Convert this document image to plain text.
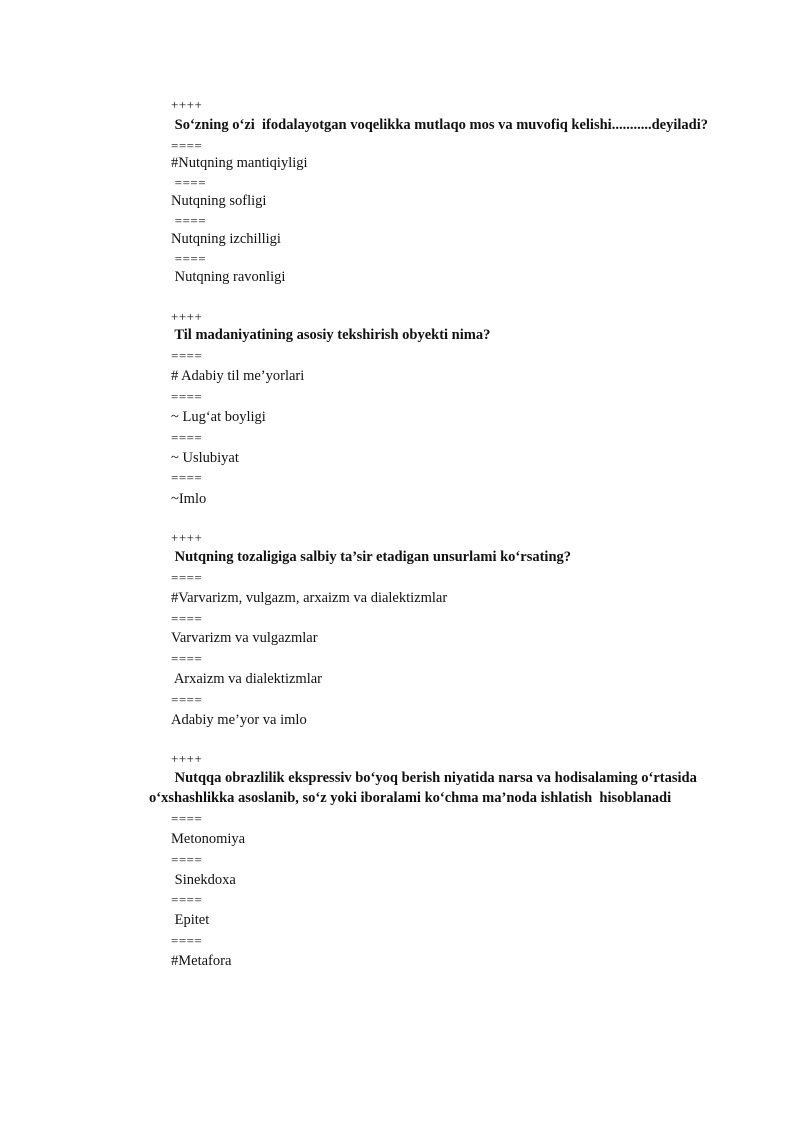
++++
So‘zning o‘zi  ifodalayotgan voqelikka mutlaqo mos va muvofiq kelishi...........deyiladi?
====
#Nutqning mantiqiyligi
====
Nutqning sofligi
====
Nutqning izchilligi
====
Nutqning ravonligi
++++
Til madaniyatining asosiy tekshirish obyekti nima?
====
# Adabiy til me’yorlari
====
~ Lug‘at boyligi
====
~ Uslubiyat
====
~Imlo
++++
Nutqning tozaligiga salbiy ta’sir etadigan unsurlami ko‘rsating?
====
#Varvarizm, vulgazm, arxaizm va dialektizmlar
====
Varvarizm va vulgazmlar
====
Arxaizm va dialektizmlar
====
Adabiy me’yor va imlo
++++
Nutqqa obrazlilik ekspressiv bo‘yoq berish niyatida narsa va hodisalaming o‘rtasida
o‘xshashlikka asoslanib, so‘z yoki iboralami ko‘chma ma’noda ishlatish  hisoblanadi
====
Metonomiya
====
Sinekdoxa
====
Epitet
====
#Metafora
